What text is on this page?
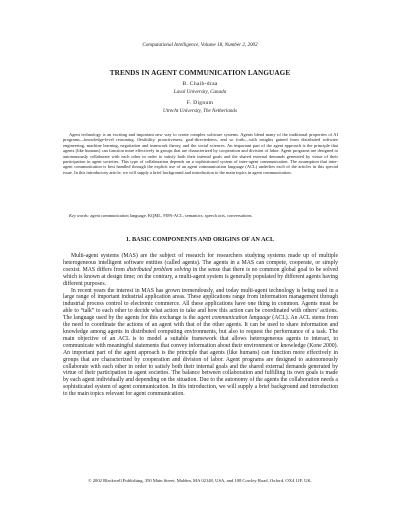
Computational Intelligence, Volume 18, Number 2, 2002
TRENDS IN AGENT COMMUNICATION LANGUAGE
B. Chaib-draa
Laval University, Canada
F. Dignum
Utrecht University, The Netherlands

Agent technology is an exciting and important new way to create complex software systems. Agents blend many of the traditional properties of AI programs—knowledge-level reasoning, flexibility, proactiveness, goal-directedness, and so forth—with insights gained from distributed software engineering, machine learning, negotiation and teamwork theory, and the social sciences. An important part of the agent approach is the principle that agents (like humans) can function more effectively in groups that are characterized by cooperation and division of labor. Agent programs are designed to autonomously collaborate with each other in order to satisfy both their internal goals and the shared external demands generated by virtue of their participation in agent societies. This type of collaboration depends on a sophisticated system of inter-agent communication. The assumption that inter-agent communication is best handled through the explicit use of an agent communication language (ACL) underlies each of the articles in this special issue. In this introductory article, we will supply a brief background and introduction to the main topics in agent communication.

Key words: agent communication language, KQML, FIPA-ACL, semantics, speech acts, conversations.

1. BASIC COMPONENTS AND ORIGINS OF AN ACL

Multi-agent systems (MAS) are the subject of research for researchers studying systems made up of multiple heterogeneous intelligent software entities (called agents). The agents in a MAS can compete, cooperate, or simply coexist. MAS differs from distributed problem solving in the sense that there is no common global goal to be solved which is known at design time; on the contrary, a multi-agent system is generally populated by different agents having different purposes.

In recent years the interest in MAS has grown tremendously, and today multi-agent technology is being used in a large range of important industrial application areas. These applications range from information management through industrial process control to electronic commerce. All these applications have one thing in common. Agents must be able to “talk” to each other to decide what action to take and how this action can be coordinated with others’ actions. The language used by the agents for this exchange is the agent communication language (ACL). An ACL stems from the need to coordinate the actions of an agent with that of the other agents. It can be used to share information and knowledge among agents in distributed computing environments, but also to request the performance of a task. The main objective of an ACL is to model a suitable framework that allows heterogeneous agents to interact, to communicate with meaningful statements that convey information about their environment or knowledge (Kone 2000). An important part of the agent approach is the principle that agents (like humans) can function more effectively in groups that are characterized by cooperation and division of labor. Agent programs are designed to autonomously collaborate with each other in order to satisfy both their internal goals and the shared external demands generated by virtue of their participation in agent societies. The balance between collaboration and fulfilling its own goals is made by each agent individually and depending on the situation. Due to the autonomy of the agents the collaboration needs a sophisticated system of agent communication. In this introduction, we will supply a brief background and introduction to the main topics relevant for agent communication.

© 2002 Blackwell Publishing, 350 Main Street, Malden, MA 02148, USA, and 108 Cowley Road, Oxford, OX4 1JF, UK.
